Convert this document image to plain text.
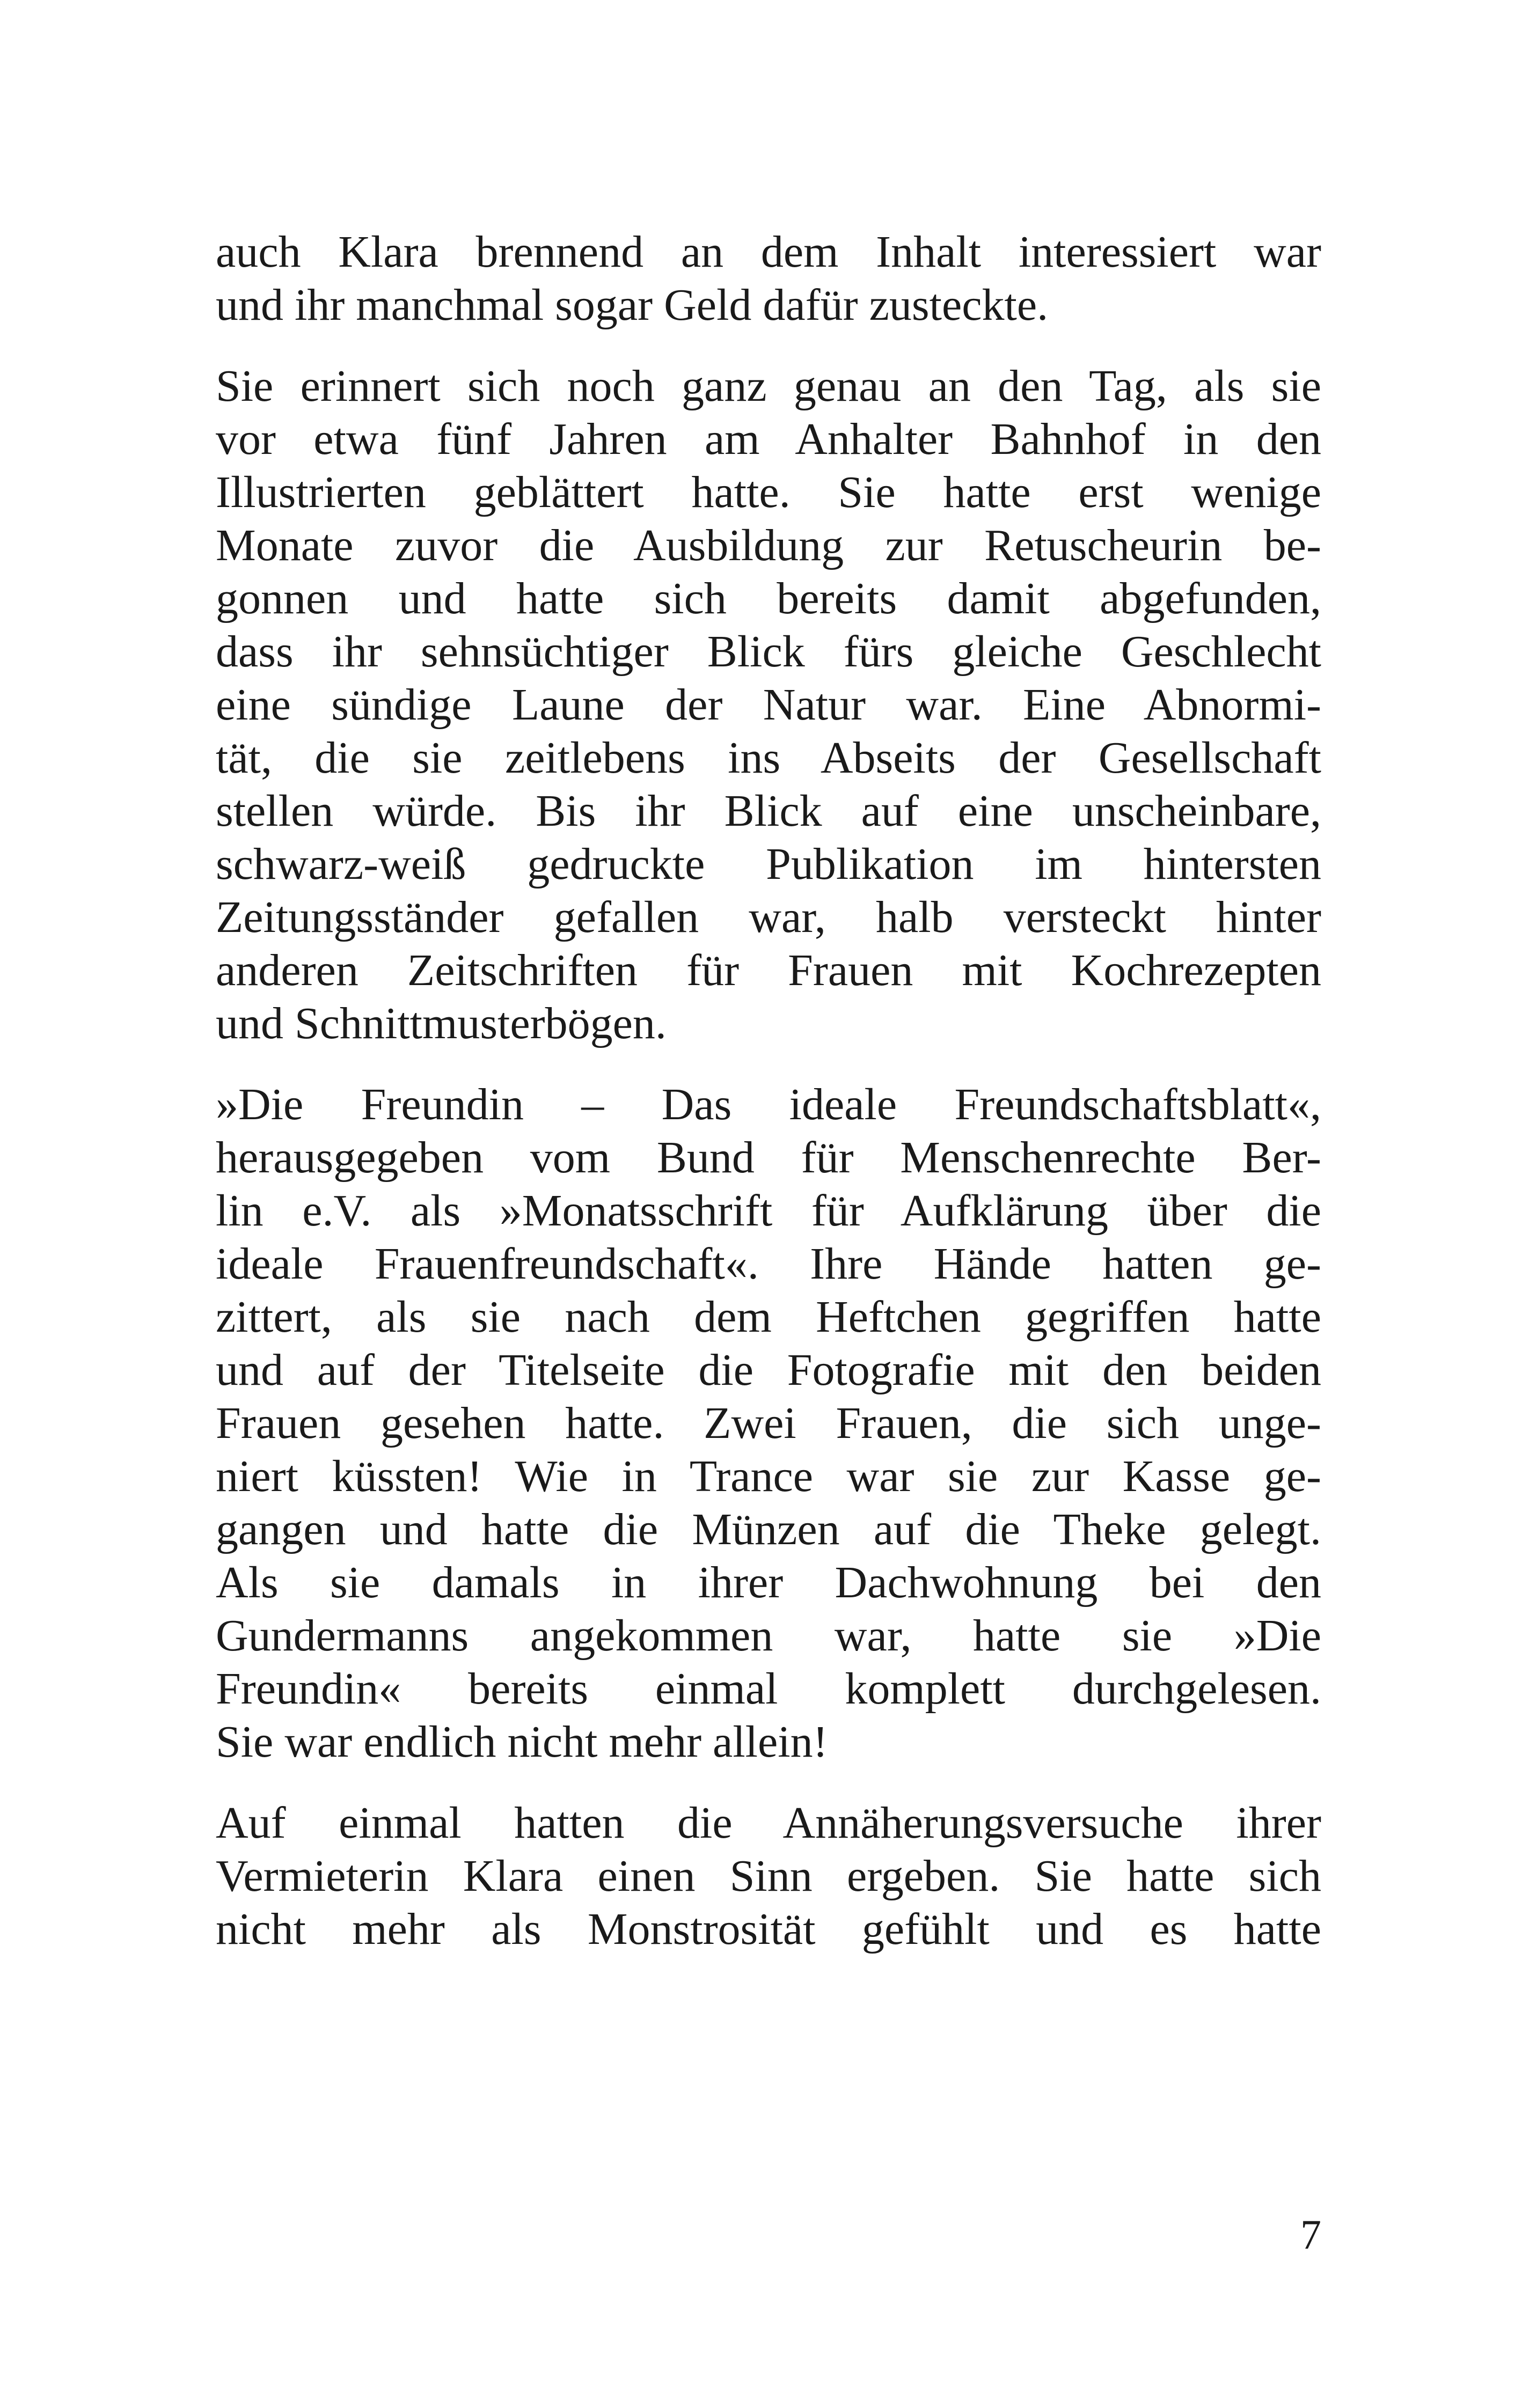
auch Klara brennend an dem Inhalt interessiert war
und ihr manchmal sogar Geld dafür zusteckte.
Sie erinnert sich noch ganz genau an den Tag, als sie
vor etwa fünf Jahren am Anhalter Bahnhof in den
Illustrierten geblättert hatte. Sie hatte erst wenige
Monate zuvor die Ausbildung zur Retuscheurin be-
gonnen und hatte sich bereits damit abgefunden,
dass ihr sehnsüchtiger Blick fürs gleiche Geschlecht
eine sündige Laune der Natur war. Eine Abnormi-
tät, die sie zeitlebens ins Abseits der Gesellschaft
stellen würde. Bis ihr Blick auf eine unscheinbare,
schwarz-weiß gedruckte Publikation im hintersten
Zeitungsständer gefallen war, halb versteckt hinter
anderen Zeitschriften für Frauen mit Kochrezepten
und Schnittmusterbögen.
»Die Freundin – Das ideale Freundschaftsblatt«,
herausgegeben vom Bund für Menschenrechte Ber-
lin e.V. als »Monatsschrift für Aufklärung über die
ideale Frauenfreundschaft«. Ihre Hände hatten ge-
zittert, als sie nach dem Heftchen gegriffen hatte
und auf der Titelseite die Fotografie mit den beiden
Frauen gesehen hatte. Zwei Frauen, die sich unge-
niert küssten! Wie in Trance war sie zur Kasse ge-
gangen und hatte die Münzen auf die Theke gelegt.
Als sie damals in ihrer Dachwohnung bei den
Gundermanns angekommen war, hatte sie »Die
Freundin« bereits einmal komplett durchgelesen.
Sie war endlich nicht mehr allein!
Auf einmal hatten die Annäherungsversuche ihrer
Vermieterin Klara einen Sinn ergeben. Sie hatte sich
nicht mehr als Monstrosität gefühlt und es hatte
7
